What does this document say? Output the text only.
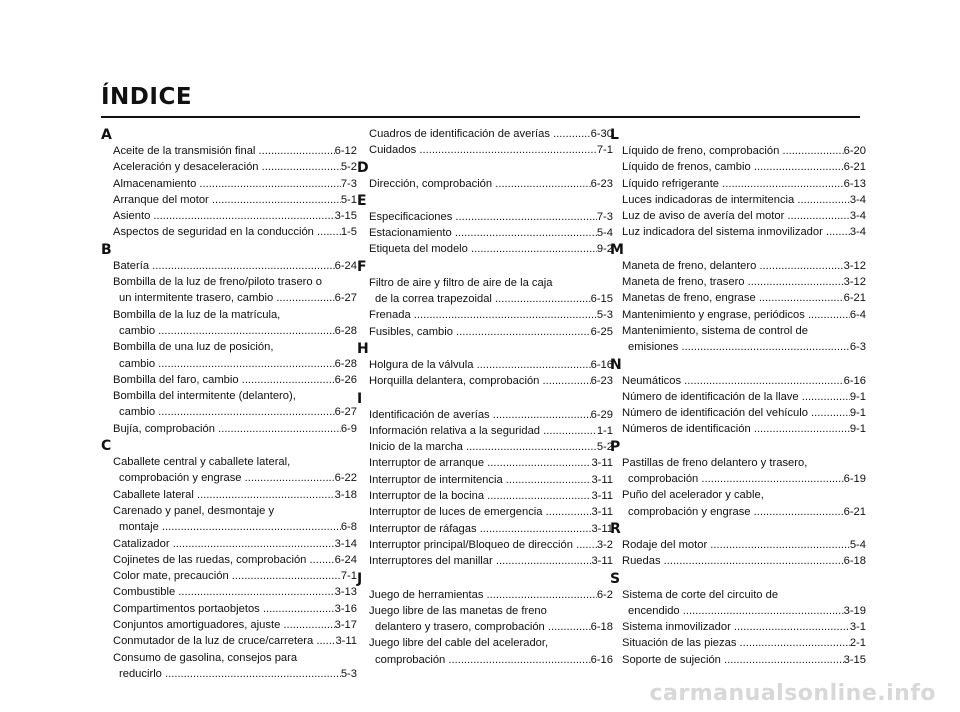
ÍNDICE
A
Aceite de la transmisión final .....	6-12
Aceleración y desaceleración .....	5-2
Almacenamiento .....	7-3
Arranque del motor .....	5-1
Asiento .....	3-15
Aspectos de seguridad en la conducción .....	1-5
B
Batería .....	6-24
Bombilla de la luz de freno/piloto trasero o
un intermitente trasero, cambio .....	6-27
Bombilla de la luz de la matrícula,
cambio .....	6-28
Bombilla de una luz de posición,
cambio .....	6-28
Bombilla del faro, cambio .....	6-26
Bombilla del intermitente (delantero),
cambio .....	6-27
Bujía, comprobación .....	6-9
C
Caballete central y caballete lateral,
comprobación y engrase .....	6-22
Caballete lateral .....	3-18
Carenado y panel, desmontaje y
montaje .....	6-8
Catalizador .....	3-14
Cojinetes de las ruedas, comprobación .....	6-24
Color mate, precaución .....	7-1
Combustible .....	3-13
Compartimentos portaobjetos .....	3-16
Conjuntos amortiguadores, ajuste .....	3-17
Conmutador de la luz de cruce/carretera .....	3-11
Consumo de gasolina, consejos para
reducirlo .....	5-3
Cuadros de identificación de averías .....	6-30
Cuidados .....	7-1
D
Dirección, comprobación .....	6-23
E
Especificaciones .....	7-3
Estacionamiento .....	5-4
Etiqueta del modelo .....	9-2
F
Filtro de aire y filtro de aire de la caja
de la correa trapezoidal .....	6-15
Frenada .....	5-3
Fusibles, cambio .....	6-25
H
Holgura de la válvula .....	6-16
Horquilla delantera, comprobación .....	6-23
I
Identificación de averías .....	6-29
Información relativa a la seguridad .....	1-1
Inicio de la marcha .....	5-2
Interruptor de arranque .....	3-11
Interruptor de intermitencia .....	3-11
Interruptor de la bocina .....	3-11
Interruptor de luces de emergencia .....	3-11
Interruptor de ráfagas .....	3-11
Interruptor principal/Bloqueo de dirección .....	3-2
Interruptores del manillar .....	3-11
J
Juego de herramientas .....	6-2
Juego libre de las manetas de freno
delantero y trasero, comprobación .....	6-18
Juego libre del cable del acelerador,
comprobación .....	6-16
L
Líquido de freno, comprobación .....	6-20
Líquido de frenos, cambio .....	6-21
Líquido refrigerante .....	6-13
Luces indicadoras de intermitencia .....	3-4
Luz de aviso de avería del motor .....	3-4
Luz indicadora del sistema inmovilizador .....	3-4
M
Maneta de freno, delantero .....	3-12
Maneta de freno, trasero .....	3-12
Manetas de freno, engrase .....	6-21
Mantenimiento y engrase, periódicos .....	6-4
Mantenimiento, sistema de control de
emisiones .....	6-3
N
Neumáticos .....	6-16
Número de identificación de la llave .....	9-1
Número de identificación del vehículo .....	9-1
Números de identificación .....	9-1
P
Pastillas de freno delantero y trasero,
comprobación .....	6-19
Puño del acelerador y cable,
comprobación y engrase .....	6-21
R
Rodaje del motor .....	5-4
Ruedas .....	6-18
S
Sistema de corte del circuito de
encendido .....	3-19
Sistema inmovilizador .....	3-1
Situación de las piezas .....	2-1
Soporte de sujeción .....	3-15
carmanualsonline.info
